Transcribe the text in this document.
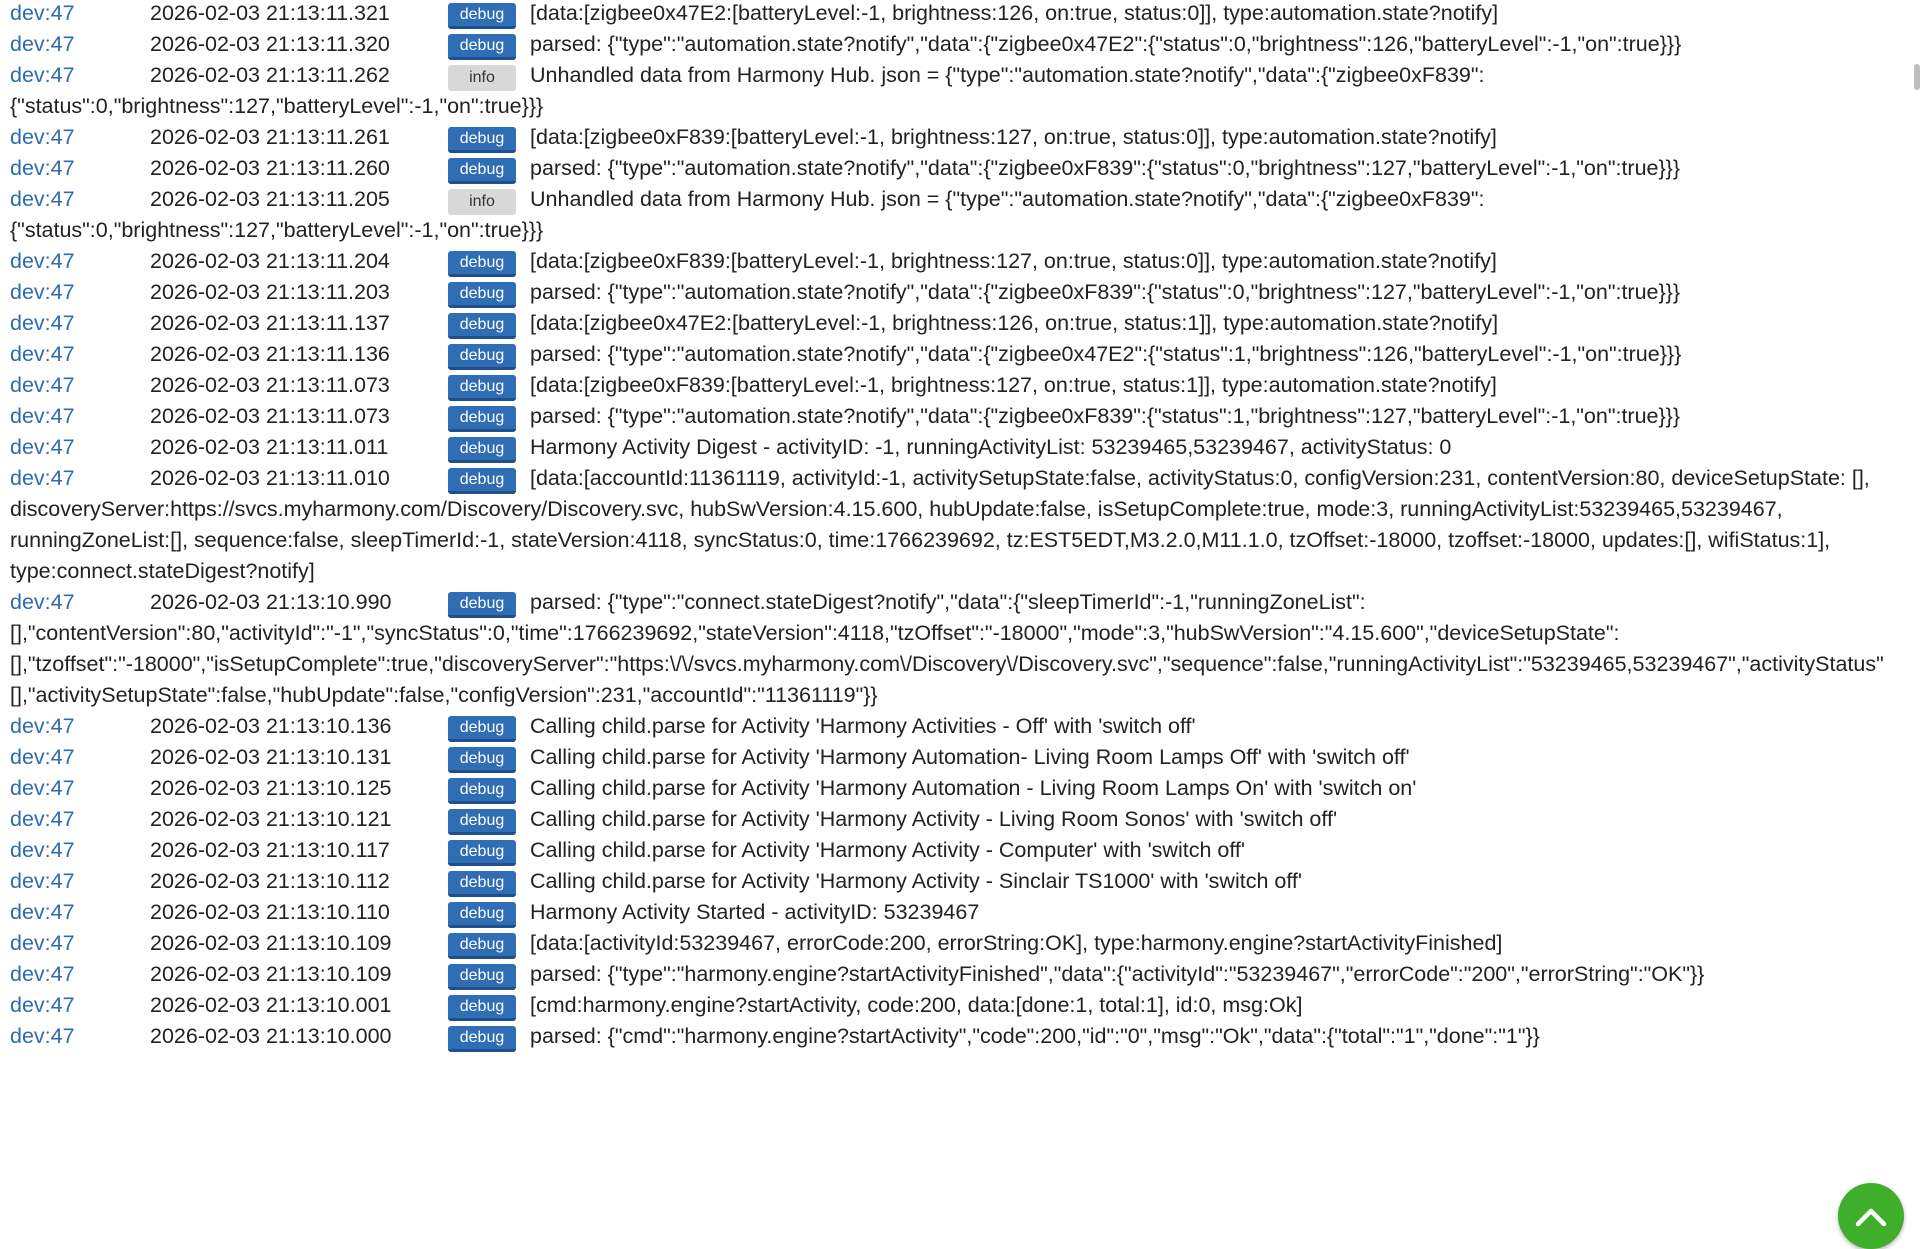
dev:47	2026-02-03 21:13:11.321	debug	[data:[zigbee0x47E2:[batteryLevel:-1, brightness:126, on:true, status:0]], type:automation.state?notify]
dev:47	2026-02-03 21:13:11.320	debug	parsed: {"type":"automation.state?notify","data":{"zigbee0x47E2":{"status":0,"brightness":126,"batteryLevel":-1,"on":true}}}
dev:47	2026-02-03 21:13:11.262	info	Unhandled data from Harmony Hub. json = {"type":"automation.state?notify","data":{"zigbee0xF839": {"status":0,"brightness":127,"batteryLevel":-1,"on":true}}}
dev:47	2026-02-03 21:13:11.261	debug	[data:[zigbee0xF839:[batteryLevel:-1, brightness:127, on:true, status:0]], type:automation.state?notify]
dev:47	2026-02-03 21:13:11.260	debug	parsed: {"type":"automation.state?notify","data":{"zigbee0xF839":{"status":0,"brightness":127,"batteryLevel":-1,"on":true}}}
dev:47	2026-02-03 21:13:11.205	info	Unhandled data from Harmony Hub. json = {"type":"automation.state?notify","data":{"zigbee0xF839": {"status":0,"brightness":127,"batteryLevel":-1,"on":true}}}
dev:47	2026-02-03 21:13:11.204	debug	[data:[zigbee0xF839:[batteryLevel:-1, brightness:127, on:true, status:0]], type:automation.state?notify]
dev:47	2026-02-03 21:13:11.203	debug	parsed: {"type":"automation.state?notify","data":{"zigbee0xF839":{"status":0,"brightness":127,"batteryLevel":-1,"on":true}}}
dev:47	2026-02-03 21:13:11.137	debug	[data:[zigbee0x47E2:[batteryLevel:-1, brightness:126, on:true, status:1]], type:automation.state?notify]
dev:47	2026-02-03 21:13:11.136	debug	parsed: {"type":"automation.state?notify","data":{"zigbee0x47E2":{"status":1,"brightness":126,"batteryLevel":-1,"on":true}}}
dev:47	2026-02-03 21:13:11.073	debug	[data:[zigbee0xF839:[batteryLevel:-1, brightness:127, on:true, status:1]], type:automation.state?notify]
dev:47	2026-02-03 21:13:11.073	debug	parsed: {"type":"automation.state?notify","data":{"zigbee0xF839":{"status":1,"brightness":127,"batteryLevel":-1,"on":true}}}
dev:47	2026-02-03 21:13:11.011	debug	Harmony Activity Digest - activityID: -1, runningActivityList: 53239465,53239467, activityStatus: 0
dev:47	2026-02-03 21:13:11.010	debug	[data:[accountId:11361119, activityId:-1, activitySetupState:false, activityStatus:0, configVersion:231, contentVersion:80, deviceSetupState: [], discoveryServer:https://svcs.myharmony.com/Discovery/Discovery.svc, hubSwVersion:4.15.600, hubUpdate:false, isSetupComplete:true, mode:3, runningActivityList:53239465,53239467, runningZoneList:[], sequence:false, sleepTimerId:-1, stateVersion:4118, syncStatus:0, time:1766239692, tz:EST5EDT,M3.2.0,M11.1.0, tzOffset:-18000, tzoffset:-18000, updates:[], wifiStatus:1], type:connect.stateDigest?notify]
dev:47	2026-02-03 21:13:10.990	debug	parsed: {"type":"connect.stateDigest?notify","data":{"sleepTimerId":-1,"runningZoneList": [],"contentVersion":80,"activityId":"-1","syncStatus":0,"time":1766239692,"stateVersion":4118,"tzOffset":"-18000","mode":3,"hubSwVersion":"4.15.600","deviceSetupState": [],"tzoffset":"-18000","isSetupComplete":true,"discoveryServer":"https:\/\/svcs.myharmony.com\/Discovery\/Discovery.svc","sequence":false,"runningActivityList":"53239465,53239467","activityStatus" [],"activitySetupState":false,"hubUpdate":false,"configVersion":231,"accountId":"11361119"}}
dev:47	2026-02-03 21:13:10.136	debug	Calling child.parse for Activity 'Harmony Activities - Off' with 'switch off'
dev:47	2026-02-03 21:13:10.131	debug	Calling child.parse for Activity 'Harmony Automation- Living Room Lamps Off' with 'switch off'
dev:47	2026-02-03 21:13:10.125	debug	Calling child.parse for Activity 'Harmony Automation - Living Room Lamps On' with 'switch on'
dev:47	2026-02-03 21:13:10.121	debug	Calling child.parse for Activity 'Harmony Activity - Living Room Sonos' with 'switch off'
dev:47	2026-02-03 21:13:10.117	debug	Calling child.parse for Activity 'Harmony Activity - Computer' with 'switch off'
dev:47	2026-02-03 21:13:10.112	debug	Calling child.parse for Activity 'Harmony Activity - Sinclair TS1000' with 'switch off'
dev:47	2026-02-03 21:13:10.110	debug	Harmony Activity Started - activityID: 53239467
dev:47	2026-02-03 21:13:10.109	debug	[data:[activityId:53239467, errorCode:200, errorString:OK], type:harmony.engine?startActivityFinished]
dev:47	2026-02-03 21:13:10.109	debug	parsed: {"type":"harmony.engine?startActivityFinished","data":{"activityId":"53239467","errorCode":"200","errorString":"OK"}}
dev:47	2026-02-03 21:13:10.001	debug	[cmd:harmony.engine?startActivity, code:200, data:[done:1, total:1], id:0, msg:Ok]
dev:47	2026-02-03 21:13:10.000	debug	parsed: {"cmd":"harmony.engine?startActivity","code":200,"id":"0","msg":"Ok","data":{"total":"1","done":"1"}}
